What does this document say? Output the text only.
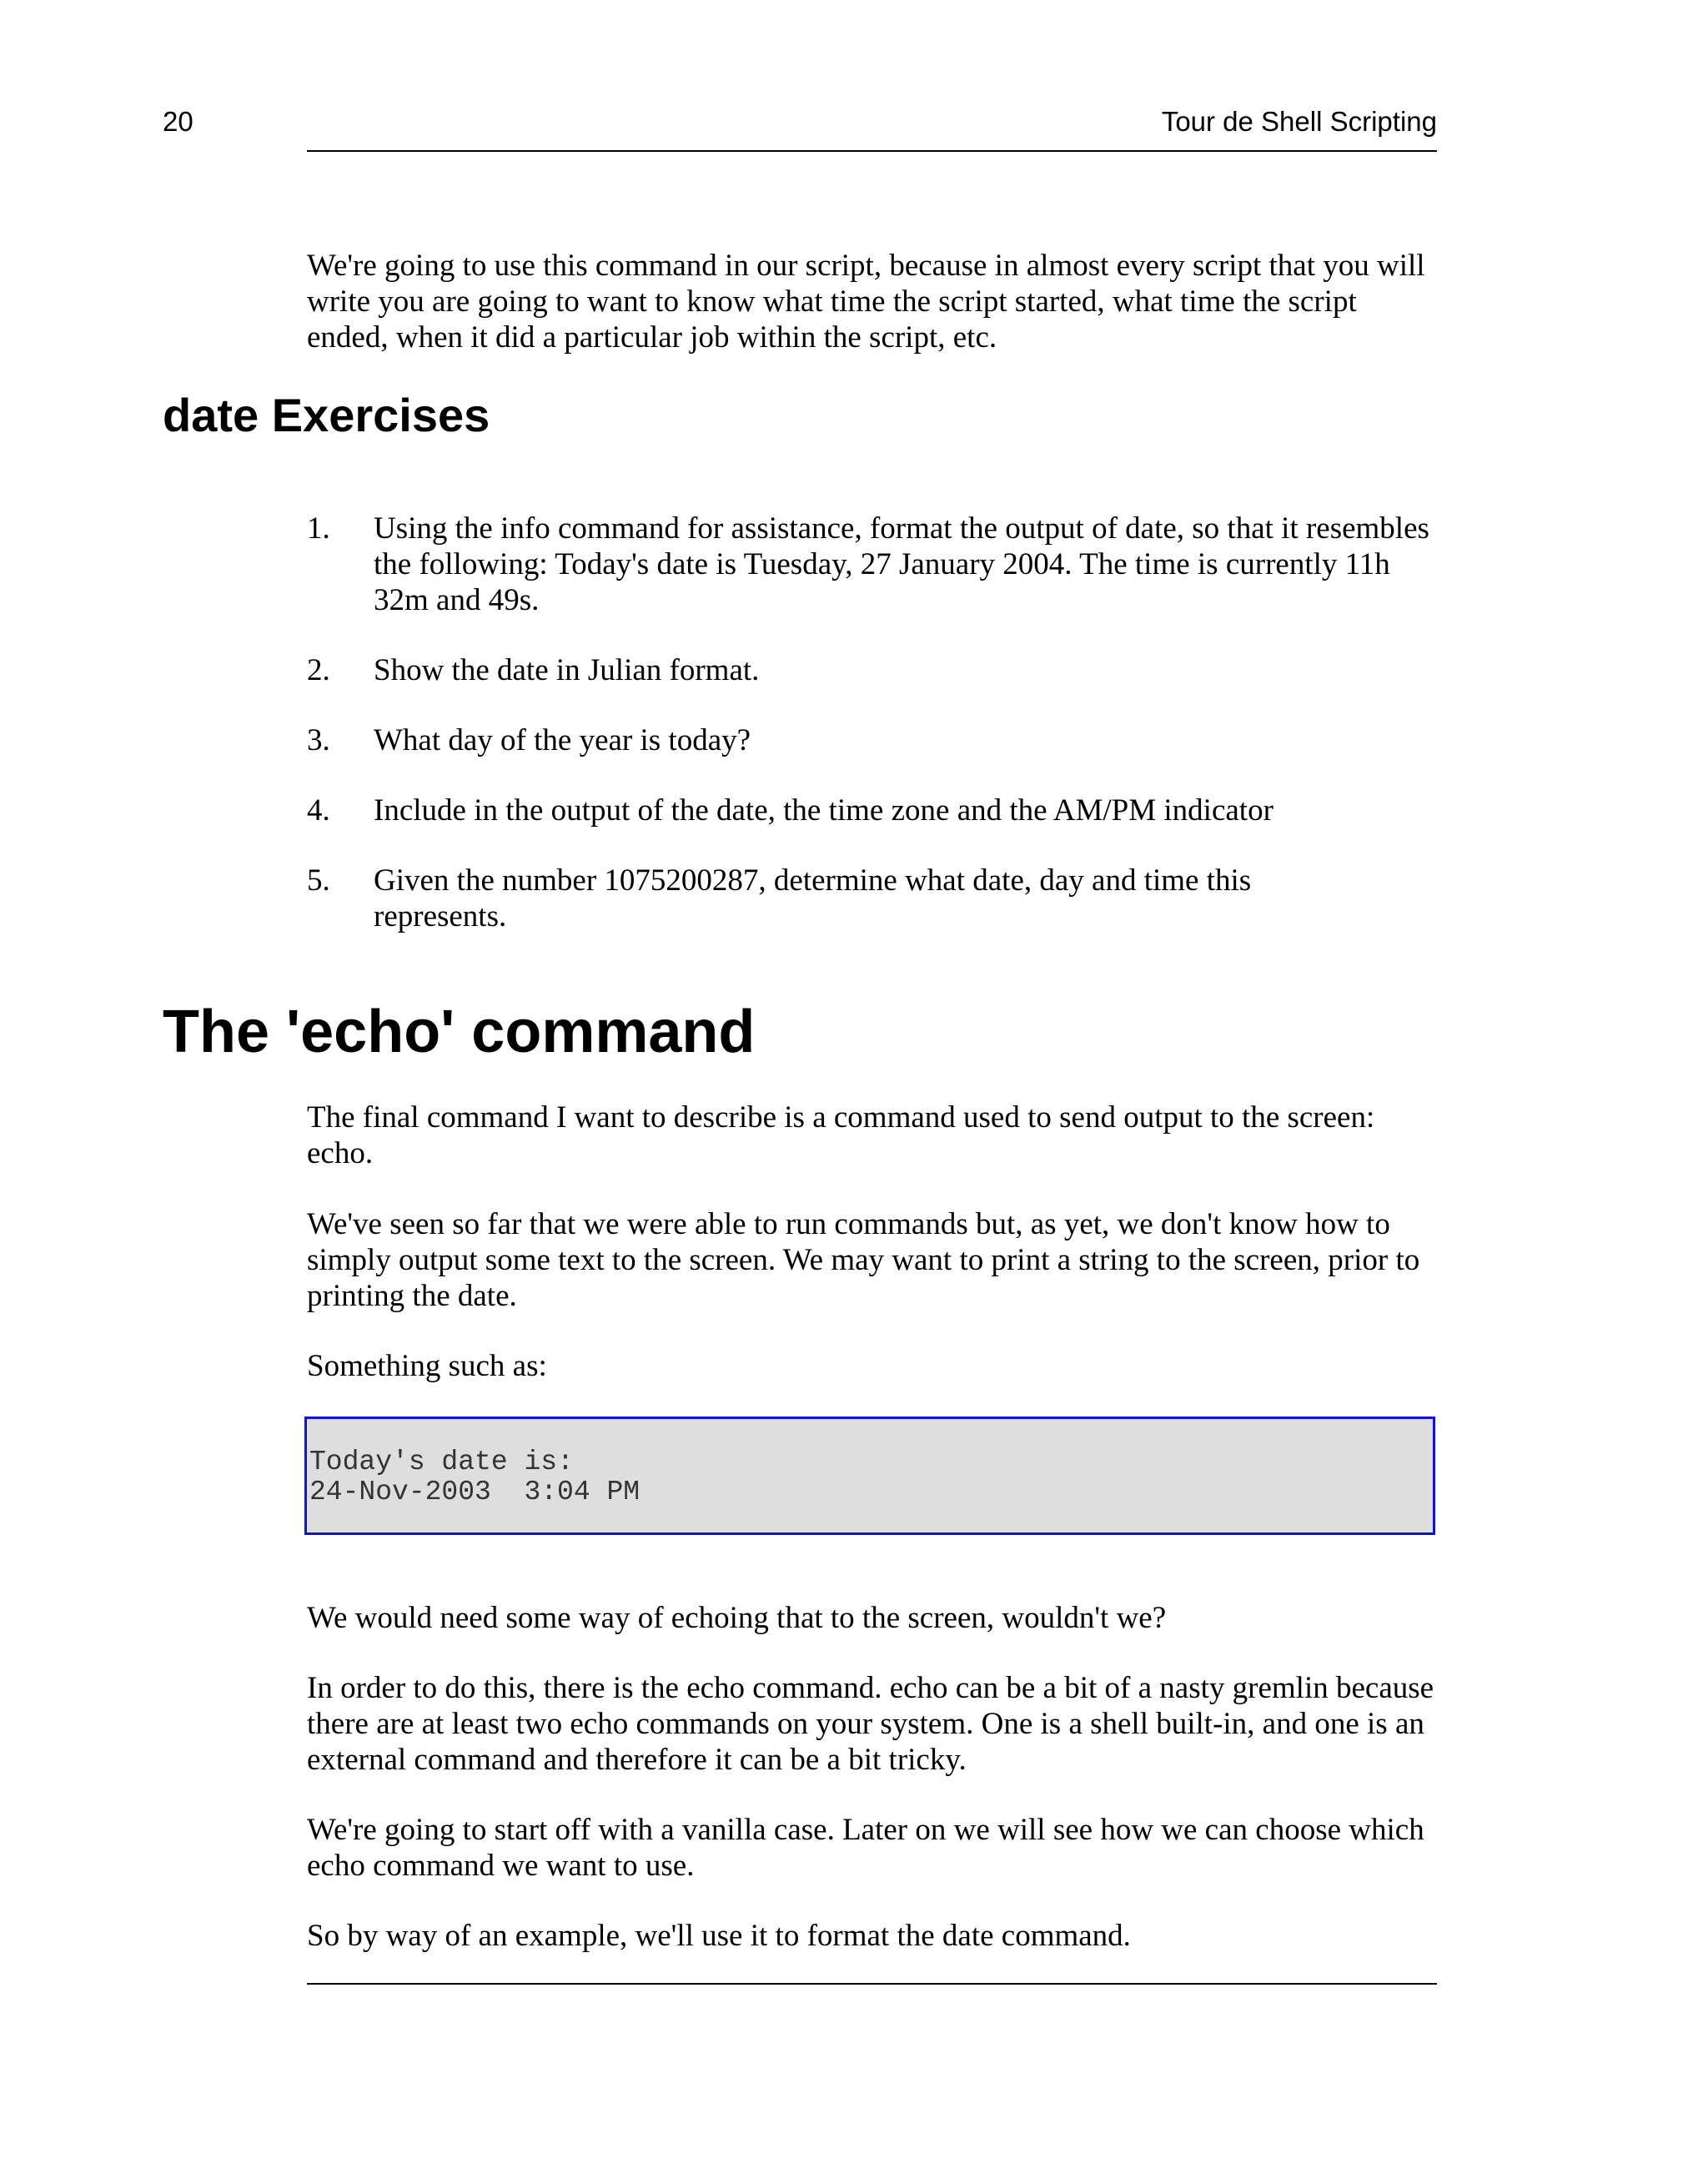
20	Tour de Shell Scripting

We're going to use this command in our script, because in almost every script that you will write you are going to want to know what time the script started, what time the script ended, when it did a particular job within the script, etc.

date Exercises
1. Using the info command for assistance, format the output of date, so that it resembles the following: Today's date is Tuesday, 27 January 2004. The time is currently 11h 32m and 49s.
2. Show the date in Julian format.
3. What day of the year is today?
4. Include in the output of the date, the time zone and the AM/PM indicator
5. Given the number 1075200287, determine what date, day and time this represents.
The 'echo' command

The final command I want to describe is a command used to send output to the screen: echo.

We've seen so far that we were able to run commands but, as yet, we don't know how to simply output some text to the screen. We may want to print a string to the screen, prior to printing the date.

Something such as:

Today's date is:
24-Nov-2003  3:04 PM

We would need some way of echoing that to the screen, wouldn't we?

In order to do this, there is the echo command. echo can be a bit of a nasty gremlin because there are at least two echo commands on your system. One is a shell built-in, and one is an external command and therefore it can be a bit tricky.

We're going to start off with a vanilla case. Later on we will see how we can choose which echo command we want to use.

So by way of an example, we'll use it to format the date command.
